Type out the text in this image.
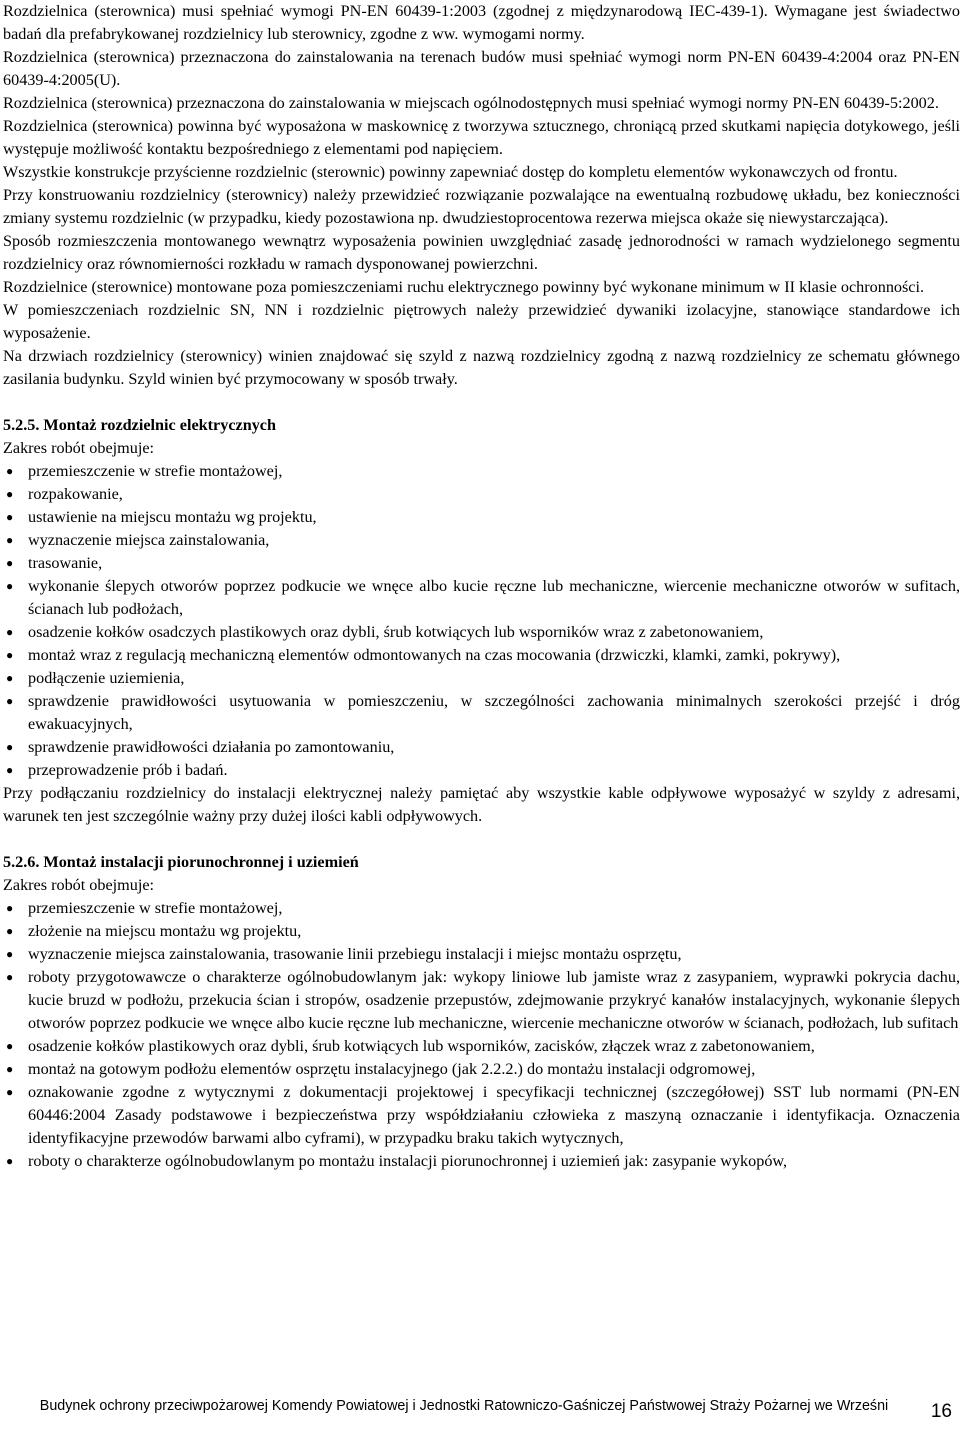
Rozdzielnica (sterownica) musi spełniać wymogi PN-EN 60439-1:2003 (zgodnej z międzynarodową IEC-439-1). Wymagane jest świadectwo badań dla prefabrykowanej rozdzielnicy lub sterownicy, zgodne z ww. wymogami normy.

Rozdzielnica (sterownica) przeznaczona do zainstalowania na terenach budów musi spełniać wymogi norm PN-EN 60439-4:2004 oraz PN-EN 60439-4:2005(U).

Rozdzielnica (sterownica) przeznaczona do zainstalowania w miejscach ogólnodostępnych musi spełniać wymogi normy PN-EN 60439-5:2002.

Rozdzielnica (sterownica) powinna być wyposażona w maskownicę z tworzywa sztucznego, chroniącą przed skutkami napięcia dotykowego, jeśli występuje możliwość kontaktu bezpośredniego z elementami pod napięciem.

Wszystkie konstrukcje przyścienne rozdzielnic (sterownic) powinny zapewniać dostęp do kompletu elementów wykonawczych od frontu.

Przy konstruowaniu rozdzielnicy (sterownicy) należy przewidzieć rozwiązanie pozwalające na ewentualną rozbudowę układu, bez konieczności zmiany systemu rozdzielnic (w przypadku, kiedy pozostawiona np. dwudziestoprocentowa rezerwa miejsca okaże się niewystarczająca).

Sposób rozmieszczenia montowanego wewnątrz wyposażenia powinien uwzględniać zasadę jednorodności w ramach wydzielonego segmentu rozdzielnicy oraz równomierności rozkładu w ramach dysponowanej powierzchni.

Rozdzielnice (sterownice) montowane poza pomieszczeniami ruchu elektrycznego powinny być wykonane minimum w II klasie ochronności.

W pomieszczeniach rozdzielnic SN, NN i rozdzielnic piętrowych należy przewidzieć dywaniki izolacyjne, stanowiące standardowe ich wyposażenie.

Na drzwiach rozdzielnicy (sterownicy) winien znajdować się szyld z nazwą rozdzielnicy zgodną z nazwą rozdzielnicy ze schematu głównego zasilania budynku. Szyld winien być przymocowany w sposób trwały.

5.2.5. Montaż rozdzielnic elektrycznych

Zakres robót obejmuje:

● przemieszczenie w strefie montażowej,
● rozpakowanie,
● ustawienie na miejscu montażu wg projektu,
● wyznaczenie miejsca zainstalowania,
● trasowanie,
● wykonanie ślepych otworów poprzez podkucie we wnęce albo kucie ręczne lub mechaniczne, wiercenie mechaniczne otworów w sufitach, ścianach lub podłożach,
● osadzenie kołków osadczych plastikowych oraz dybli, śrub kotwiących lub wsporników wraz z zabetonowaniem,
● montaż wraz z regulacją mechaniczną elementów odmontowanych na czas mocowania (drzwiczki, klamki, zamki, pokrywy),
● podłączenie uziemienia,
● sprawdzenie prawidłowości usytuowania w pomieszczeniu, w szczególności zachowania minimalnych szerokości przejść i dróg ewakuacyjnych,
● sprawdzenie prawidłowości działania po zamontowaniu,
● przeprowadzenie prób i badań.

Przy podłączaniu rozdzielnicy do instalacji elektrycznej należy pamiętać aby wszystkie kable odpływowe wyposażyć w szyldy z adresami, warunek ten jest szczególnie ważny przy dużej ilości kabli odpływowych.

5.2.6. Montaż instalacji piorunochronnej i uziemień

Zakres robót obejmuje:

● przemieszczenie w strefie montażowej,
● złożenie na miejscu montażu wg projektu,
● wyznaczenie miejsca zainstalowania, trasowanie linii przebiegu instalacji i miejsc montażu osprzętu,
● roboty przygotowawcze o charakterze ogólnobudowlanym jak: wykopy liniowe lub jamiste wraz z zasypaniem, wyprawki pokrycia dachu, kucie bruzd w podłożu, przekucia ścian i stropów, osadzenie przepustów, zdejmowanie przykryć kanałów instalacyjnych, wykonanie ślepych otworów poprzez podkucie we wnęce albo kucie ręczne lub mechaniczne, wiercenie mechaniczne otworów w ścianach, podłożach, lub sufitach
● osadzenie kołków plastikowych oraz dybli, śrub kotwiących lub wsporników, zacisków, złączek wraz z zabetonowaniem,
● montaż na gotowym podłożu elementów osprzętu instalacyjnego (jak 2.2.2.) do montażu instalacji odgromowej,
● oznakowanie zgodne z wytycznymi z dokumentacji projektowej i specyfikacji technicznej (szczegółowej) SST lub normami (PN-EN 60446:2004 Zasady podstawowe i bezpieczeństwa przy współdziałaniu człowieka z maszyną oznaczanie i identyfikacja. Oznaczenia identyfikacyjne przewodów barwami albo cyframi), w przypadku braku takich wytycznych,
● roboty o charakterze ogólnobudowlanym po montażu instalacji piorunochronnej i uziemień jak: zasypanie wykopów,
Budynek ochrony przeciwpożarowej Komendy Powiatowej i Jednostki Ratowniczo-Gaśniczej Państwowej Straży Pożarnej we Wrześni	16
